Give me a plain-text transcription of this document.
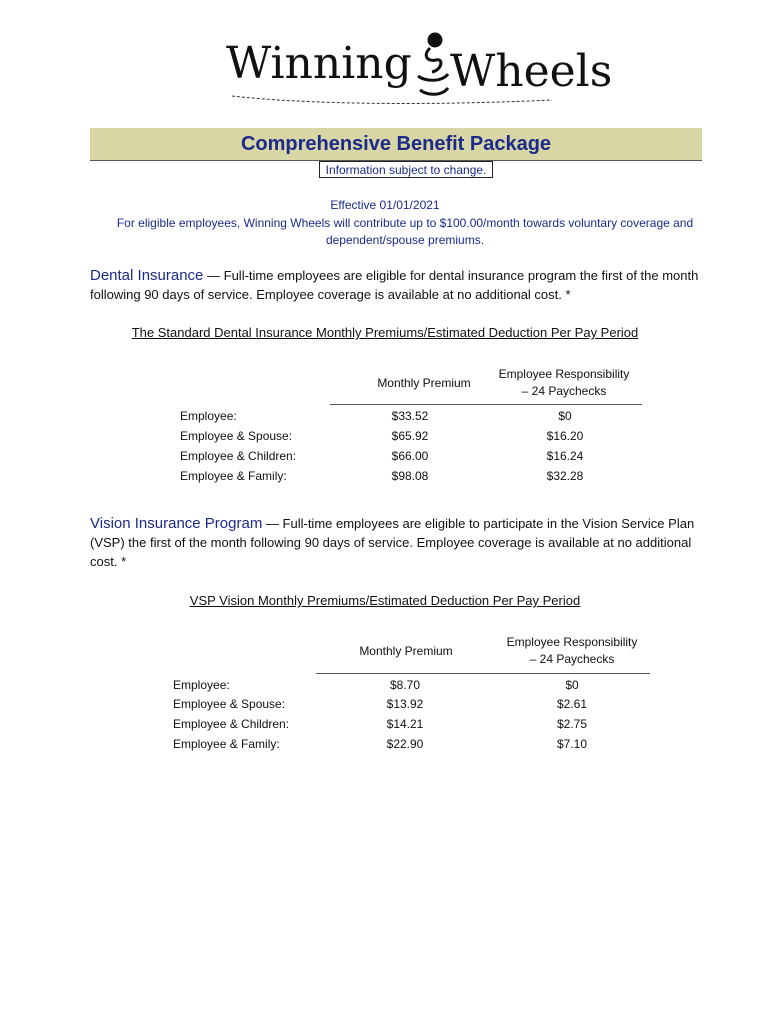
Winning Wheels
Comprehensive Benefit Package
Information subject to change.
Effective 01/01/2021
For eligible employees, Winning Wheels will contribute up to $100.00/month towards voluntary coverage and dependent/spouse premiums.
Dental Insurance — Full-time employees are eligible for dental insurance program the first of the month following 90 days of service. Employee coverage is available at no additional cost. *
The Standard Dental Insurance Monthly Premiums/Estimated Deduction Per Pay Period
Monthly Premium
Employee Responsibility
– 24 Paychecks
Employee:	$33.52	$0
Employee & Spouse:	$65.92	$16.20
Employee & Children:	$66.00	$16.24
Employee & Family:	$98.08	$32.28
Vision Insurance Program — Full-time employees are eligible to participate in the Vision Service Plan (VSP) the first of the month following 90 days of service. Employee coverage is available at no additional cost. *
VSP Vision Monthly Premiums/Estimated Deduction Per Pay Period
Monthly Premium
Employee Responsibility
– 24 Paychecks
Employee:	$8.70	$0
Employee & Spouse:	$13.92	$2.61
Employee & Children:	$14.21	$2.75
Employee & Family:	$22.90	$7.10
